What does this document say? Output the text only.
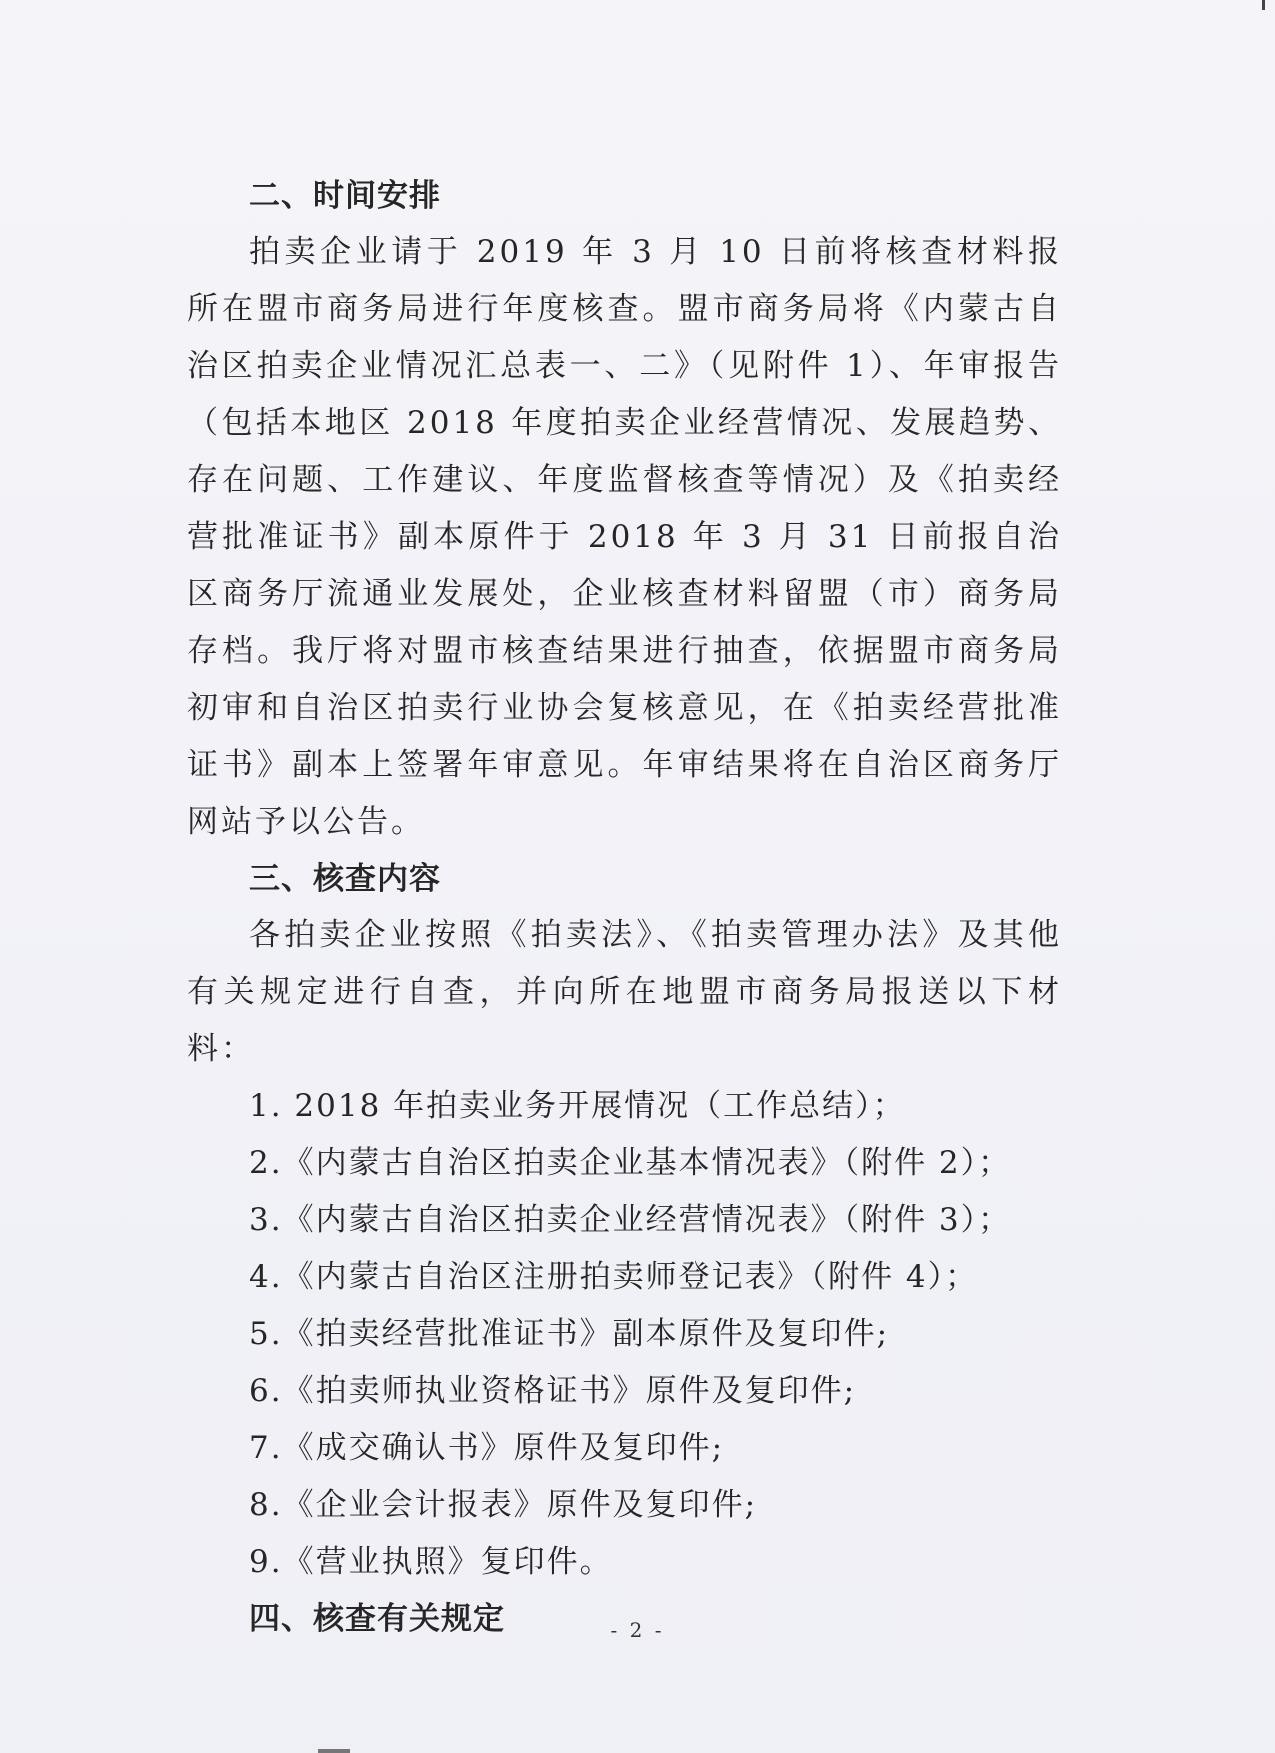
二、时间安排

拍卖企业请于 2019 年 3 月 10 日前将核查材料报所在盟市商务局进行年度核查。盟市商务局将《内蒙古自治区拍卖企业情况汇总表一、二》（见附件 1）、年审报告（包括本地区 2018 年度拍卖企业经营情况、发展趋势、存在问题、工作建议、年度监督核查等情况）及《拍卖经营批准证书》副本原件于 2018 年 3 月 31 日前报自治区商务厅流通业发展处，企业核查材料留盟（市）商务局存档。我厅将对盟市核查结果进行抽查，依据盟市商务局初审和自治区拍卖行业协会复核意见，在《拍卖经营批准证书》副本上签署年审意见。年审结果将在自治区商务厅网站予以公告。

三、核查内容

各拍卖企业按照《拍卖法》、《拍卖管理办法》及其他有关规定进行自查，并向所在地盟市商务局报送以下材料：

1. 2018 年拍卖业务开展情况（工作总结）；
2.《内蒙古自治区拍卖企业基本情况表》（附件 2）；
3.《内蒙古自治区拍卖企业经营情况表》（附件 3）；
4.《内蒙古自治区注册拍卖师登记表》（附件 4）；
5.《拍卖经营批准证书》副本原件及复印件;
6.《拍卖师执业资格证书》原件及复印件;
7.《成交确认书》原件及复印件;
8.《企业会计报表》原件及复印件;
9.《营业执照》复印件。
四、核查有关规定	- 2 -
